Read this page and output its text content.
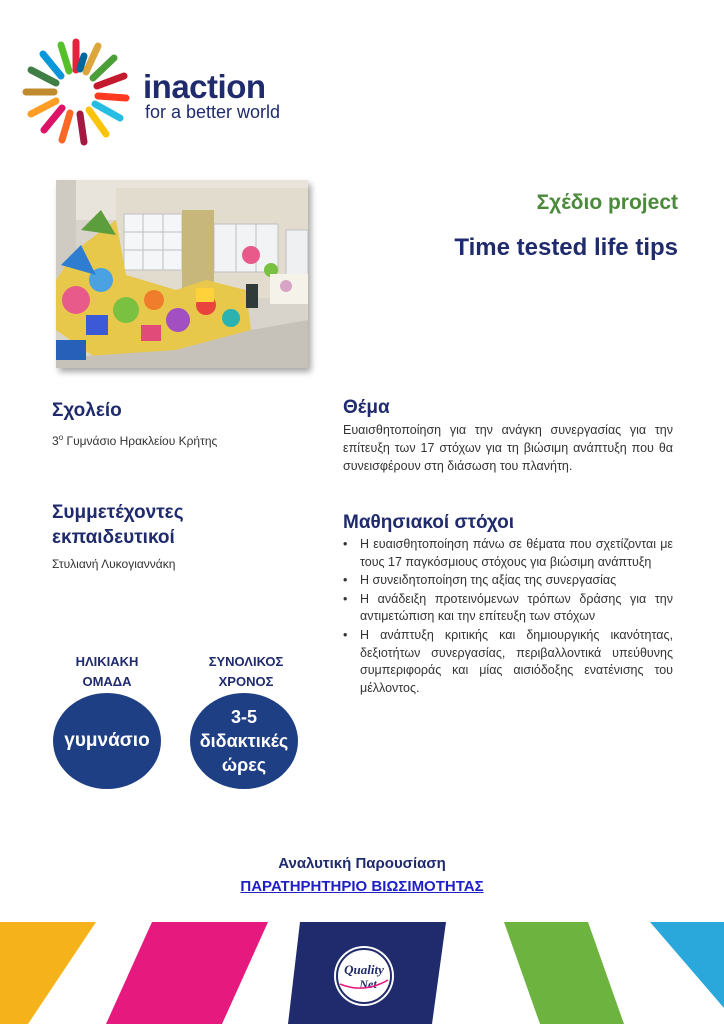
inaction
for a better world
Σχέδιο project
Time tested life tips
Σχολείο
$3^o$ Γυμνάσιο Ηρακλείου Κρήτης
Συμμετέχοντες εκπαιδευτικοί
Στυλιανή Λυκογιαννάκη
Θέμα
Ευαισθητοποίηση για την ανάγκη συνεργασίας για την επίτευξη των 17 στόχων για τη βιώσιμη ανάπτυξη που θα συνεισφέρουν στη διάσωση του πλανήτη.
Μαθησιακοί στόχοι
• Η ευαισθητοποίηση πάνω σε θέματα που σχετίζονται με τους 17 παγκόσμιους στόχους για βιώσιμη ανάπτυξη
• Η συνειδητοποίηση της αξίας της συνεργασίας
• Η ανάδειξη προτεινόμενων τρόπων δράσης για την αντιμετώπιση και την επίτευξη των στόχων
• Η ανάπτυξη κριτικής και δημιουργικής ικανότητας, δεξιοτήτων συνεργασίας, περιβαλλοντικά υπεύθυνης συμπεριφοράς και μίας αισιόδοξης ενατένισης του μέλλοντος.
ΗΛΙΚΙΑΚΗ
ΟΜΑΔΑ
γυμνάσιο
ΣΥΝΟΛΙΚΟΣ
ΧΡΟΝΟΣ
3-5
διδακτικές
ώρες
Αναλυτική Παρουσίαση
ΠΑΡΑΤΗΡΗΤΗΡΙΟ ΒΙΩΣΙΜΟΤΗΤΑΣ
Quality
Net
